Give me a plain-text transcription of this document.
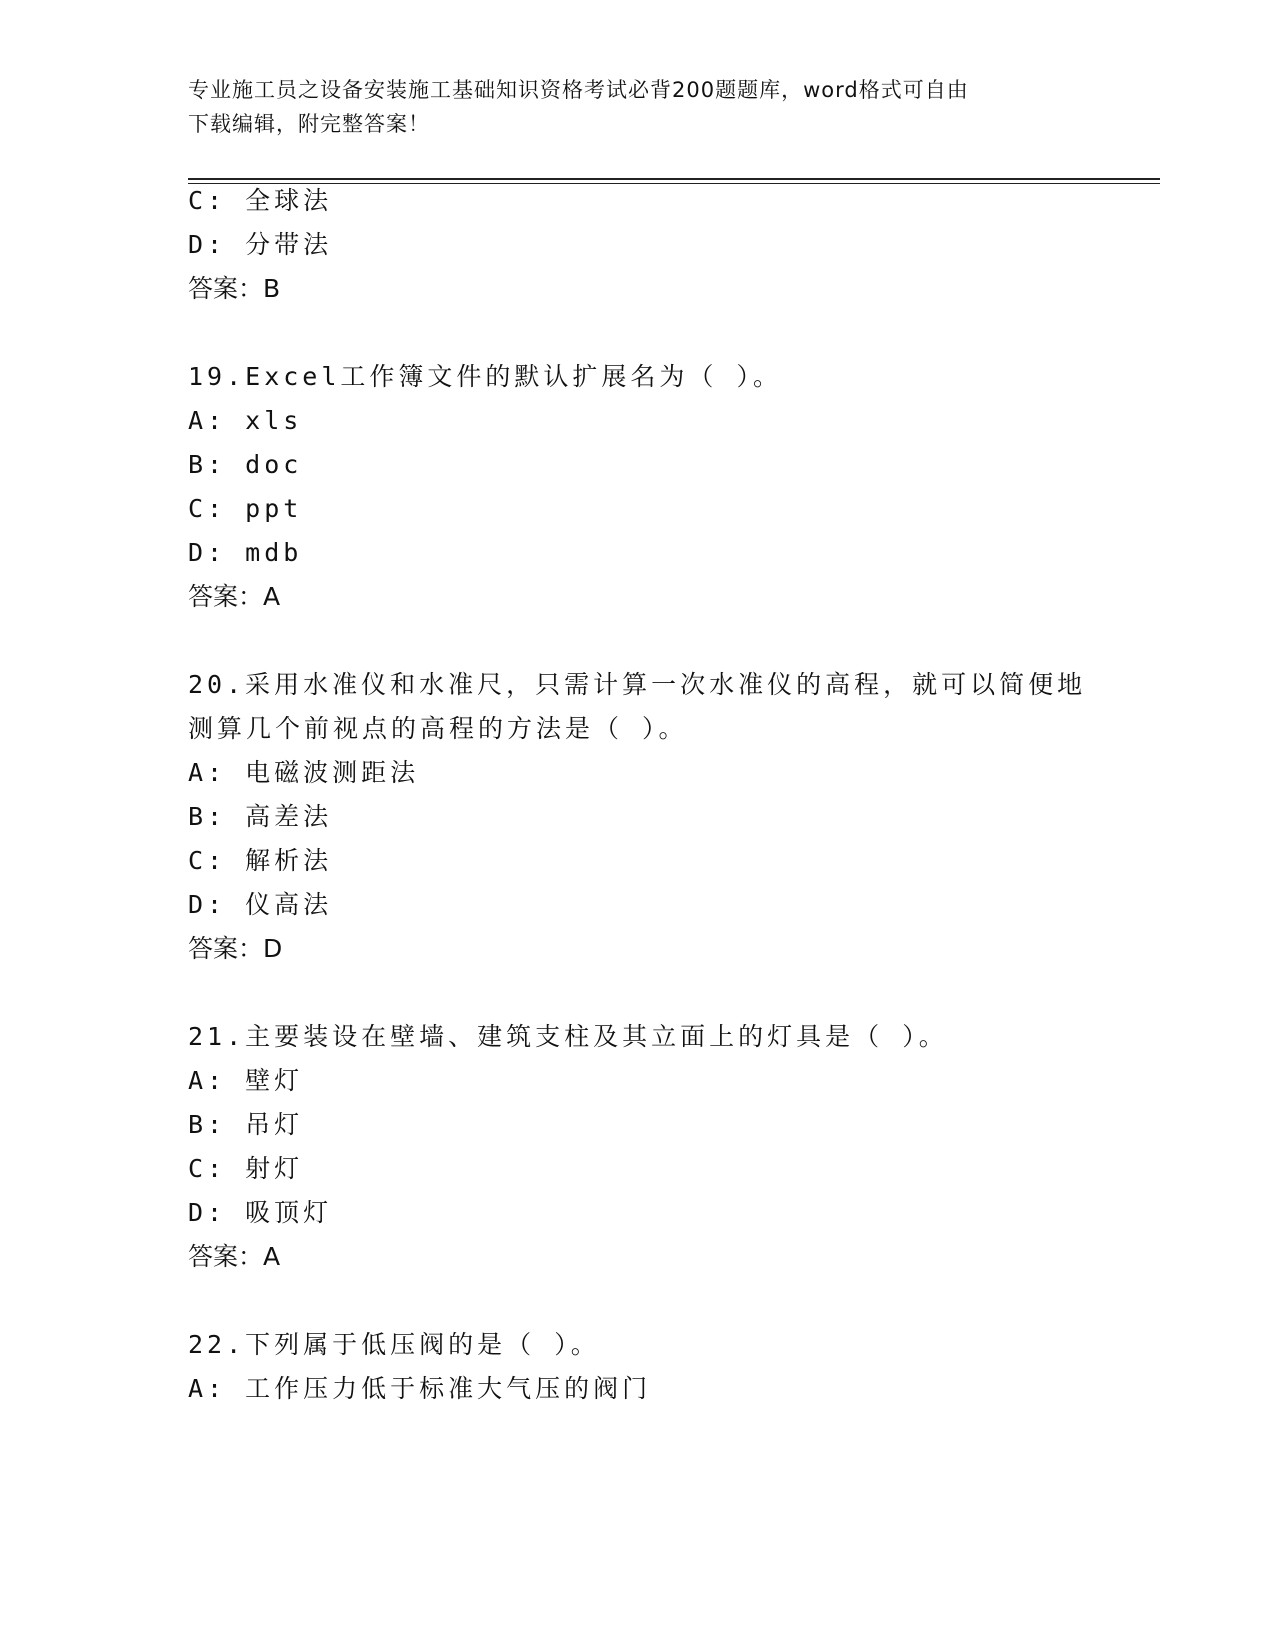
专业施工员之设备安装施工基础知识资格考试必背200题题库，word格式可自由
下载编辑，附完整答案！
C: 全球法
D: 分带法
答案：B
19.Excel工作簿文件的默认扩展名为（ ）。
A: xls
B: doc
C: ppt
D: mdb
答案：A
20.采用水准仪和水准尺，只需计算一次水准仪的高程，就可以简便地
测算几个前视点的高程的方法是（ ）。
A: 电磁波测距法
B: 高差法
C: 解析法
D: 仪高法
答案：D
21.主要装设在壁墙、建筑支柱及其立面上的灯具是（ ）。
A: 壁灯
B: 吊灯
C: 射灯
D: 吸顶灯
答案：A
22.下列属于低压阀的是（ ）。
A: 工作压力低于标准大气压的阀门
